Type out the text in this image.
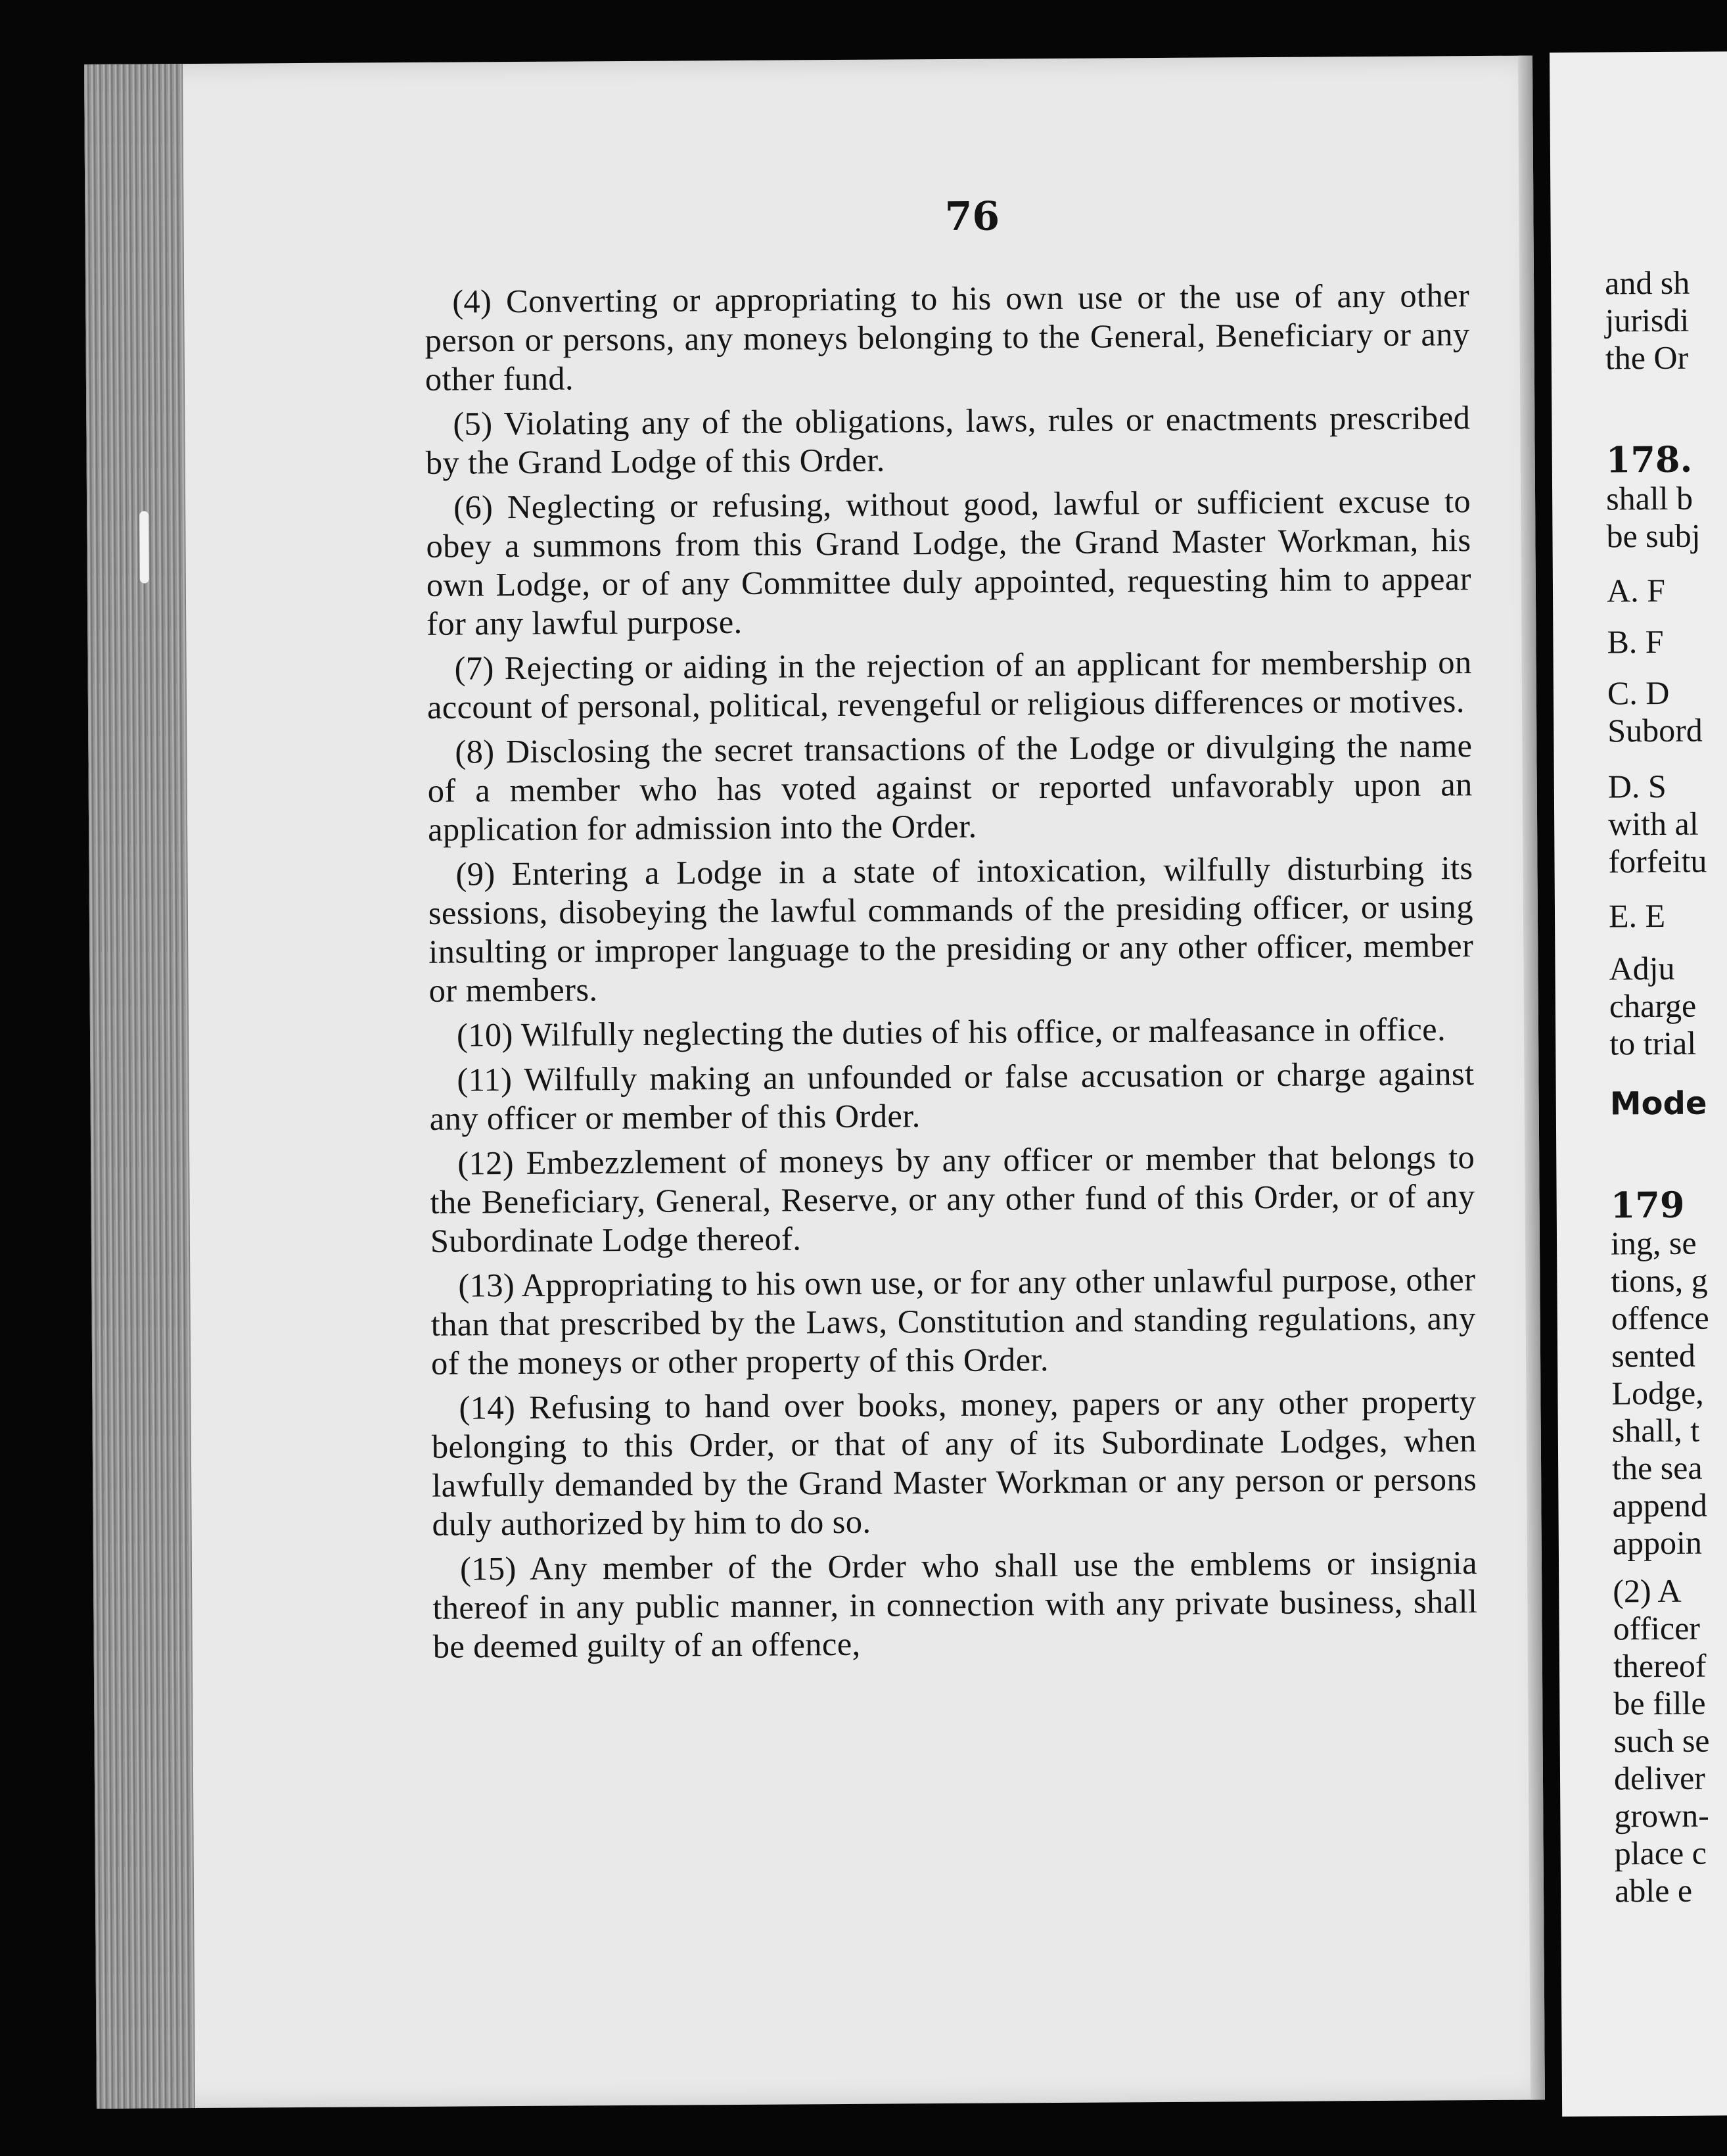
76

(4) Converting or appropriating to his own use or the use of any other person or persons, any moneys belonging to the General, Beneficiary or any other fund.

(5) Violating any of the obligations, laws, rules or enactments prescribed by the Grand Lodge of this Order.

(6) Neglecting or refusing, without good, lawful or sufficient excuse to obey a summons from this Grand Lodge, the Grand Master Workman, his own Lodge, or of any Committee duly appointed, requesting him to appear for any lawful purpose.

(7) Rejecting or aiding in the rejection of an applicant for membership on account of personal, political, revengeful or religious differences or motives.

(8) Disclosing the secret transactions of the Lodge or divulging the name of a member who has voted against or reported unfavorably upon an application for admission into the Order.

(9) Entering a Lodge in a state of intoxication, wilfully disturbing its sessions, disobeying the lawful commands of the presiding officer, or using insulting or improper language to the presiding or any other officer, member or members.

(10) Wilfully neglecting the duties of his office, or malfeasance in office.

(11) Wilfully making an unfounded or false accusation or charge against any officer or member of this Order.

(12) Embezzlement of moneys by any officer or member that belongs to the Beneficiary, General, Reserve, or any other fund of this Order, or of any Subordinate Lodge thereof.

(13) Appropriating to his own use, or for any other unlawful purpose, other than that prescribed by the Laws, Constitution and standing regulations, any of the moneys or other property of this Order.

(14) Refusing to hand over books, money, papers or any other property belonging to this Order, or that of any of its Subordinate Lodges, when lawfully demanded by the Grand Master Workman or any person or persons duly authorized by him to do so.

(15) Any member of the Order who shall use the emblems or insignia thereof in any public manner, in connection with any private business, shall be deemed guilty of an offence,

and sh
jurisdi
the Or
178.
shall b
be subj
A. F
B. F
C. D
Subord
D. S
with al
forfeitu
E. E
Adju
charge
to trial
Mode
179
ing, se
tions, g
offence
sented
Lodge,
shall, t
the sea
append
appoin
(2) A
officer
thereof
be fille
such se
deliver
grown-
place c
able e
